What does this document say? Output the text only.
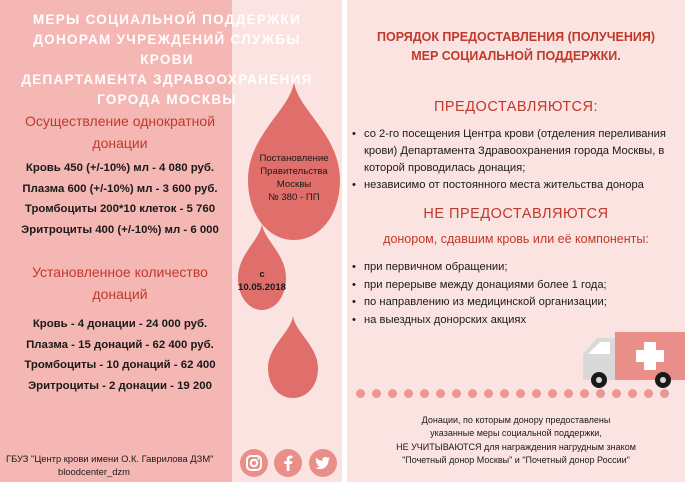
МЕРЫ СОЦИАЛЬНОЙ ПОДДЕРЖКИ
ДОНОРАМ УЧРЕЖДЕНИЙ СЛУЖБЫ КРОВИ
ДЕПАРТАМЕНТА ЗДРАВООХРАНЕНИЯ
ГОРОДА МОСКВЫ
Осуществление однократной
донации
Кровь 450 (+/-10%) мл - 4 080 руб.
Плазма 600 (+/-10%) мл - 3 600 руб.
Тромбоциты 200*10 клеток - 5 760
Эритроциты 400 (+/-10%) мл - 6 000
Установленное количество
донаций
Кровь - 4 донации - 24 000 руб.
Плазма - 15 донаций - 62 400 руб.
Тромбоциты - 10 донаций - 62 400
Эритроциты - 2 донации - 19 200
Постановление
Правительства
Москвы
№ 380 - ПП
с
10.05.2018
ПОРЯДОК ПРЕДОСТАВЛЕНИЯ (ПОЛУЧЕНИЯ)
МЕР СОЦИАЛЬНОЙ ПОДДЕРЖКИ.
ПРЕДОСТАВЛЯЮТСЯ:
• со 2-го посещения Центра крови (отделения переливания крови) Департамента Здравоохранения города Москвы, в которой проводилась донация;
• независимо от постоянного места жительства донора
НЕ ПРЕДОСТАВЛЯЮТСЯ
донором, сдавшим кровь или её компоненты:
• при первичном обращении;
• при перерыве между донациями более 1 года;
• по направлению из медицинской организации;
• на выездных донорских акциях
Донации, по которым донору предоставлены
указанные меры социальной поддержки,
НЕ УЧИТЫВАЮТСЯ для награждения нагрудным знаком
"Почетный донор Москвы" и "Почетный донор России"
ГБУЗ "Центр крови имени О.К. Гаврилова ДЗМ"
bloodcenter_dzm
